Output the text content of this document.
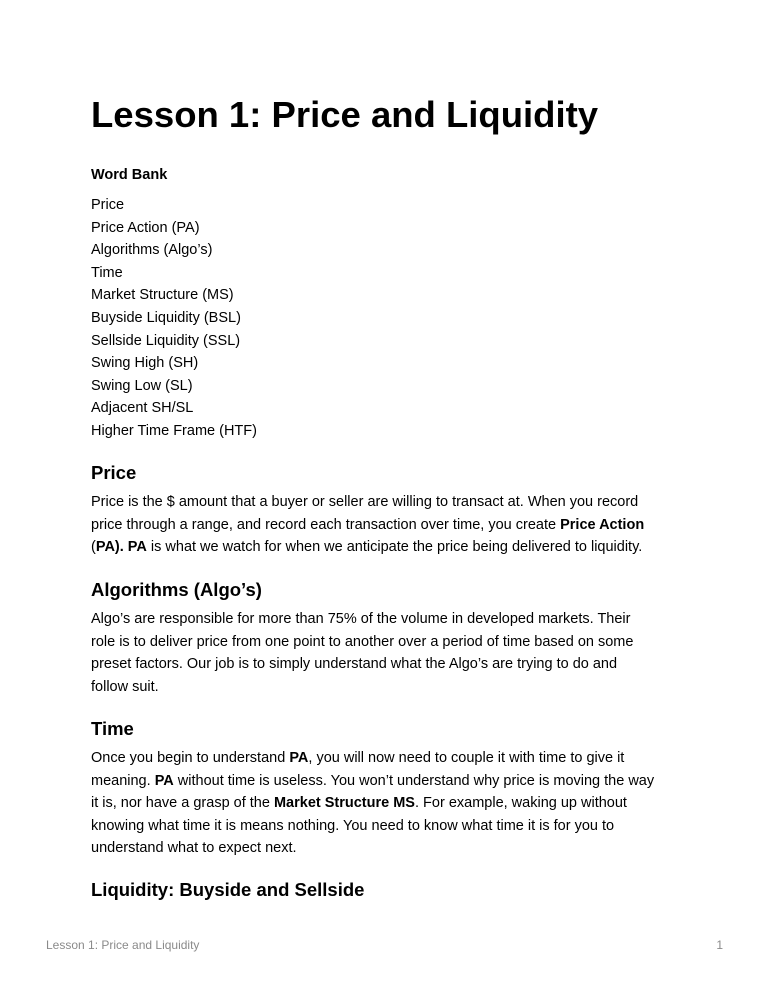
Lesson 1: Price and Liquidity
Word Bank
Price
Price Action (PA)
Algorithms (Algo’s)
Time
Market Structure (MS)
Buyside Liquidity (BSL)
Sellside Liquidity (SSL)
Swing High (SH)
Swing Low (SL)
Adjacent SH/SL
Higher Time Frame (HTF)
Price
Price is the $ amount that a buyer or seller are willing to transact at. When you record
price through a range, and record each transaction over time, you create Price Action
(PA). PA is what we watch for when we anticipate the price being delivered to liquidity.
Algorithms (Algo’s)
Algo’s are responsible for more than 75% of the volume in developed markets. Their
role is to deliver price from one point to another over a period of time based on some
preset factors. Our job is to simply understand what the Algo’s are trying to do and
follow suit.
Time
Once you begin to understand PA, you will now need to couple it with time to give it
meaning. PA without time is useless. You won’t understand why price is moving the way
it is, nor have a grasp of the Market Structure MS. For example, waking up without
knowing what time it is means nothing. You need to know what time it is for you to
understand what to expect next.
Liquidity: Buyside and Sellside
Lesson 1: Price and Liquidity	1
